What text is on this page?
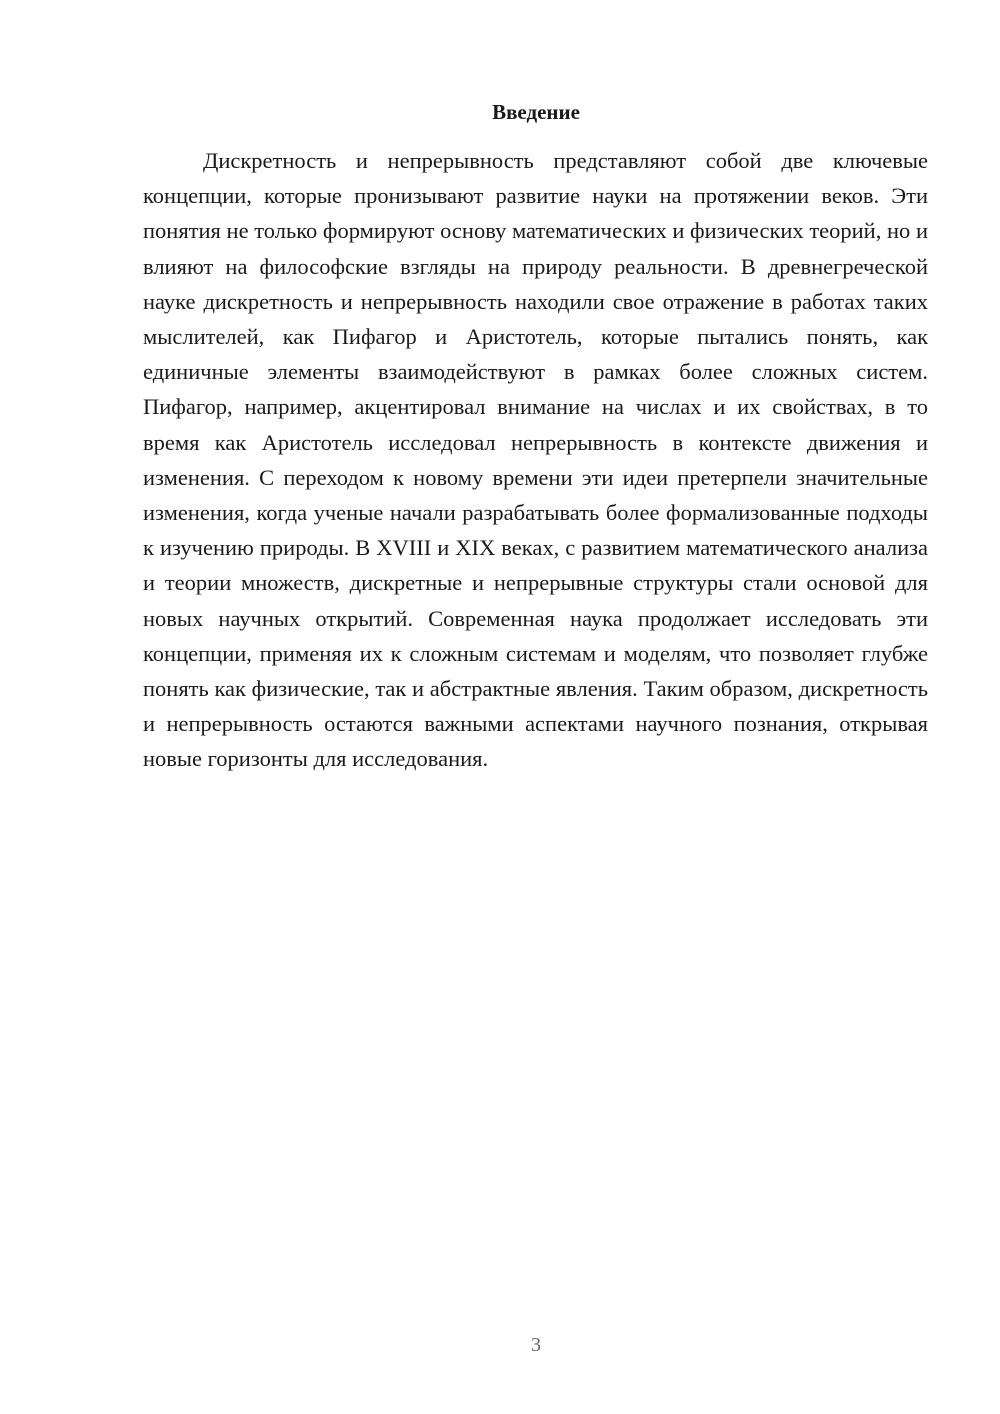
Введение

Дискретность и непрерывность представляют собой две ключевые концепции, которые пронизывают развитие науки на протяжении веков. Эти понятия не только формируют основу математических и физических теорий, но и влияют на философские взгляды на природу реальности. В древнегреческой науке дискретность и непрерывность находили свое отражение в работах таких мыслителей, как Пифагор и Аристотель, которые пытались понять, как единичные элементы взаимодействуют в рамках более сложных систем. Пифагор, например, акцентировал внимание на числах и их свойствах, в то время как Аристотель исследовал непрерывность в контексте движения и изменения. С переходом к новому времени эти идеи претерпели значительные изменения, когда ученые начали разрабатывать более формализованные подходы к изучению природы. В XVIII и XIX веках, с развитием математического анализа и теории множеств, дискретные и непрерывные структуры стали основой для новых научных открытий. Современная наука продолжает исследовать эти концепции, применяя их к сложным системам и моделям, что позволяет глубже понять как физические, так и абстрактные явления. Таким образом, дискретность и непрерывность остаются важными аспектами научного познания, открывая новые горизонты для исследования.

3
